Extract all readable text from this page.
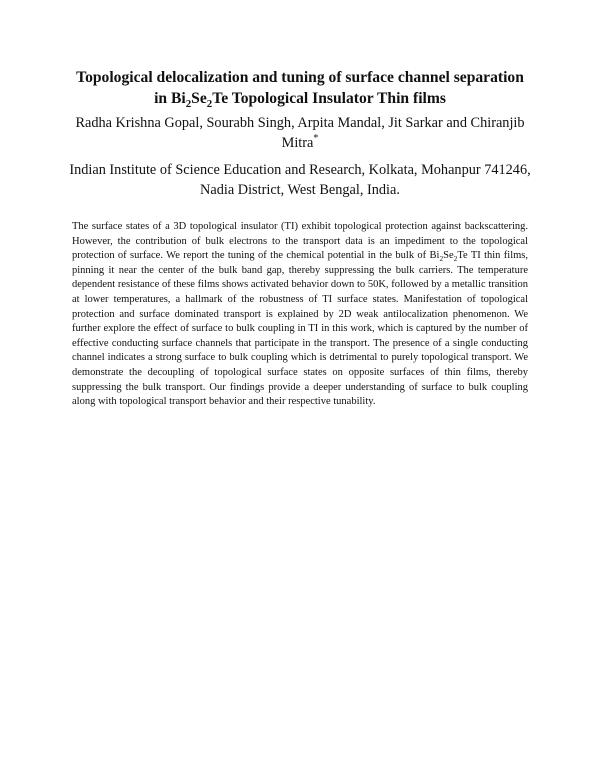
Topological delocalization and tuning of surface channel separation
in $Bi_2Se_2Te$ Topological Insulator Thin films

Radha Krishna Gopal, Sourabh Singh, Arpita Mandal, Jit Sarkar and Chiranjib Mitra*

Indian Institute of Science Education and Research, Kolkata, Mohanpur 741246,
Nadia District, West Bengal, India.

The surface states of a 3D topological insulator (TI) exhibit topological protection against backscattering. However, the contribution of bulk electrons to the transport data is an impediment to the topological protection of surface. We report the tuning of the chemical potential in the bulk of $Bi_2Se_2Te$ TI thin films, pinning it near the center of the bulk band gap, thereby suppressing the bulk carriers. The temperature dependent resistance of these films shows activated behavior down to 50K, followed by a metallic transition at lower temperatures, a hallmark of the robustness of TI surface states. Manifestation of topological protection and surface dominated transport is explained by 2D weak antilocalization phenomenon. We further explore the effect of surface to bulk coupling in TI in this work, which is captured by the number of effective conducting surface channels that participate in the transport. The presence of a single conducting channel indicates a strong surface to bulk coupling which is detrimental to purely topological transport. We demonstrate the decoupling of topological surface states on opposite surfaces of thin films, thereby suppressing the bulk transport. Our findings provide a deeper understanding of surface to bulk coupling along with topological transport behavior and their respective tunability.
